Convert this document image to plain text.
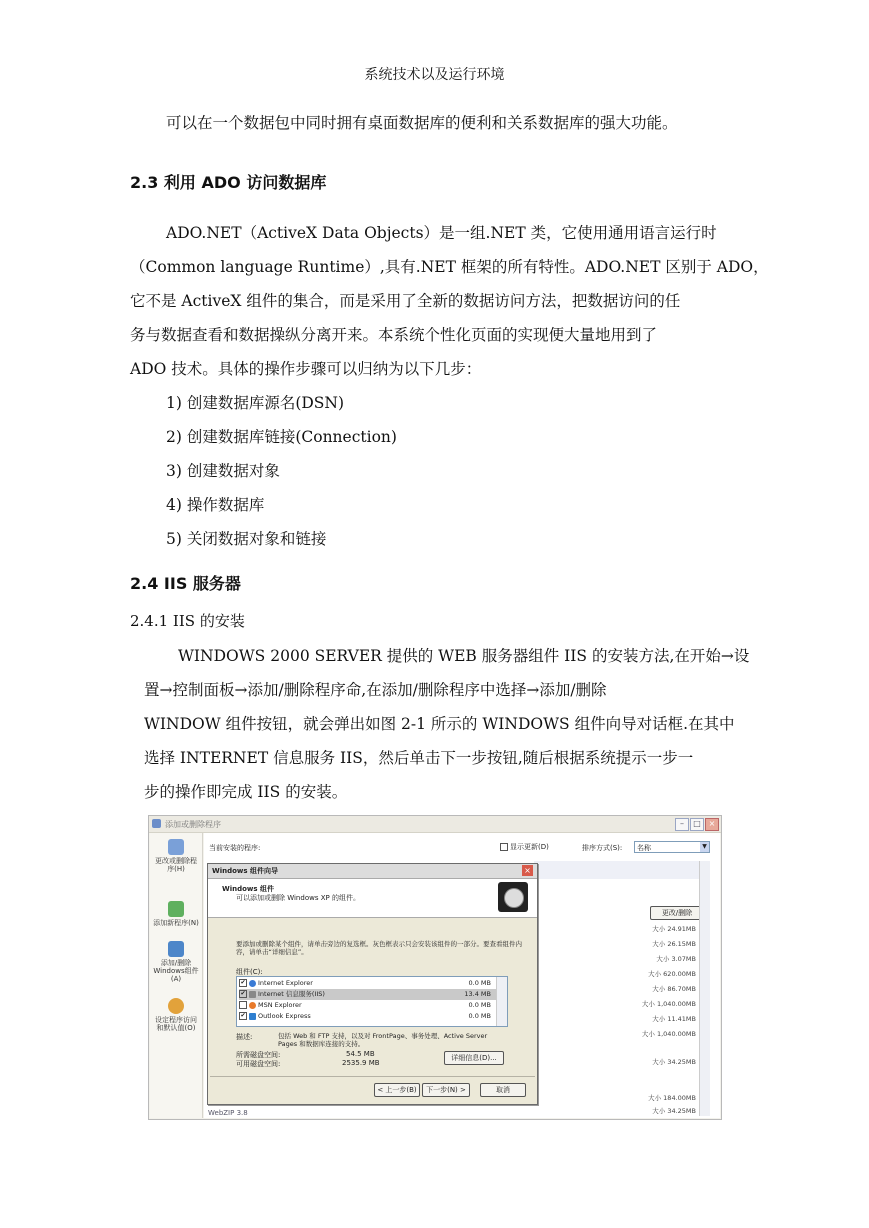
系统技术以及运行环境
可以在一个数据包中同时拥有桌面数据库的便利和关系数据库的强大功能。
2.3 利用 ADO 访问数据库
ADO.NET（ActiveX Data Objects）是一组.NET 类，它使用通用语言运行时
（Common language Runtime）,具有.NET 框架的所有特性。ADO.NET 区别于 ADO，
它不是 ActiveX 组件的集合，而是采用了全新的数据访问方法，把数据访问的任
务与数据查看和数据操纵分离开来。本系统个性化页面的实现便大量地用到了
ADO 技术。具体的操作步骤可以归纳为以下几步：
1) 创建数据库源名(DSN)
2) 创建数据库链接(Connection)
3) 创建数据对象
4) 操作数据库
5) 关闭数据对象和链接
2.4 IIS 服务器
2.4.1 IIS 的安装
WINDOWS 2000 SERVER 提供的 WEB 服务器组件 IIS 的安装方法,在开始→设
置→控制面板→添加/删除程序命,在添加/删除程序中选择→添加/删除
WINDOW 组件按钮，就会弹出如图 2-1 所示的 WINDOWS 组件向导对话框.在其中
选择 INTERNET 信息服务 IIS，然后单击下一步按钮,随后根据系统提示一步一
步的操作即完成 IIS 的安装。
添加或删除程序	–	□ ×
更改或删除程序(H)
添加新程序(N)
添加/删除Windows组件(A)
设定程序访问和默认值(O)
当前安装的程序:	显示更新(D)	排序方式(S): 名称	▼
更改/删除
大小 24.91MB
大小 26.15MB
大小 3.07MB
大小 620.00MB
大小 86.70MB
大小 1,040.00MB
大小 11.41MB
大小 1,040.00MB
大小 34.25MB
大小 184.00MB
大小 34.25MB
WebZIP 3.8
Windows 组件向导	×
Windows 组件
可以添加或删除 Windows XP 的组件。
要添加或删除某个组件，请单击旁边的复选框。灰色框表示只会安装该组件的一部分。要查看组件内容，请单击“详细信息”。
组件(C):
✔ Internet Explorer	0.0 MB
✔ Internet 信息服务(IIS)	13.4 MB
MSN Explorer	0.0 MB
✔ Outlook Express	0.0 MB
描述:	包括 Web 和 FTP 支持，以及对 FrontPage、事务处理、Active Server Pages 和数据库连接的支持。
所需磁盘空间:	54.5 MB
可用磁盘空间:	2535.9 MB
详细信息(D)...
< 上一步(B)	下一步(N) >	取消
